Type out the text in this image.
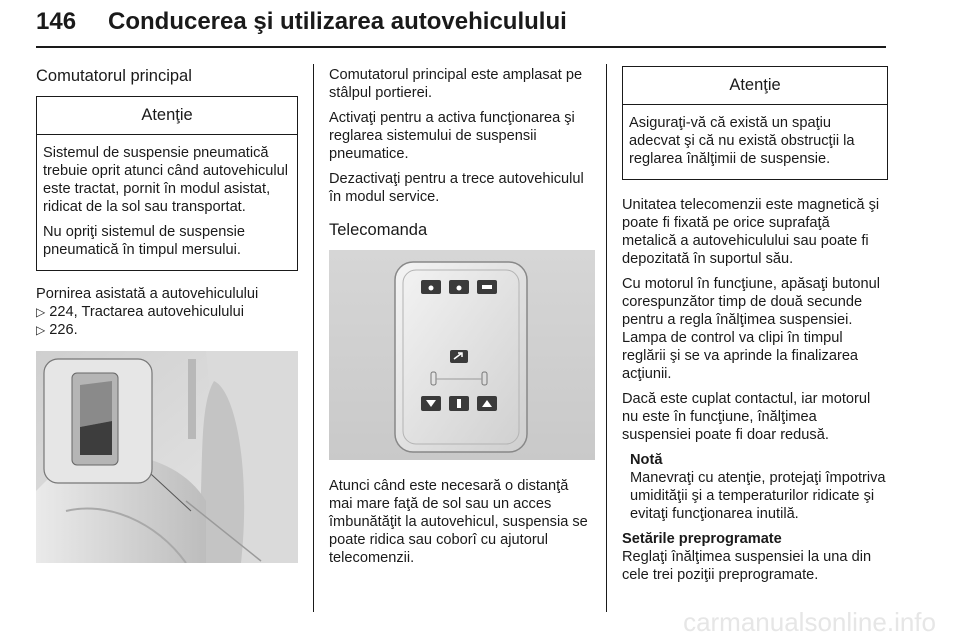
146 Conducerea şi utilizarea autovehiculului
Comutatorul principal
Atenţie

Sistemul de suspensie pneumatică trebuie oprit atunci când autovehiculul este tractat, pornit în modul asistat, ridicat de la sol sau transportat.

Nu opriţi sistemul de suspensie pneumatică în timpul mersului.

Pornirea asistată a autovehiculului
▷ 224, Tractarea autovehiculului
▷ 226.

Comutatorul principal este amplasat pe stâlpul portierei.

Activaţi pentru a activa funcţionarea şi reglarea sistemului de suspensii pneumatice.

Dezactivaţi pentru a trece autovehiculul în modul service.

Telecomanda

Atunci când este necesară o distanţă mai mare faţă de sol sau un acces îmbunătăţit la autovehicul, suspensia se poate ridica sau coborî cu ajutorul telecomenzii.

Atenţie

Asiguraţi-vă că există un spaţiu adecvat şi că nu există obstrucţii la reglarea înălţimii de suspensie.

Unitatea telecomenzii este magnetică şi poate fi fixată pe orice suprafaţă metalică a autovehiculului sau poate fi depozitată în suportul său.

Cu motorul în funcţiune, apăsaţi butonul corespunzător timp de două secunde pentru a regla înălţimea suspensiei. Lampa de control va clipi în timpul reglării şi se va aprinde la finalizarea acţiunii.

Dacă este cuplat contactul, iar motorul nu este în funcţiune, înălţimea suspensiei poate fi doar redusă.

Notă

Manevraţi cu atenţie, protejaţi împotriva umidităţii şi a temperaturilor ridicate şi evitaţi funcţionarea inutilă.

Setările preprogramate

Reglaţi înălţimea suspensiei la una din cele trei poziţii preprogramate.

carmanualsonline.info
